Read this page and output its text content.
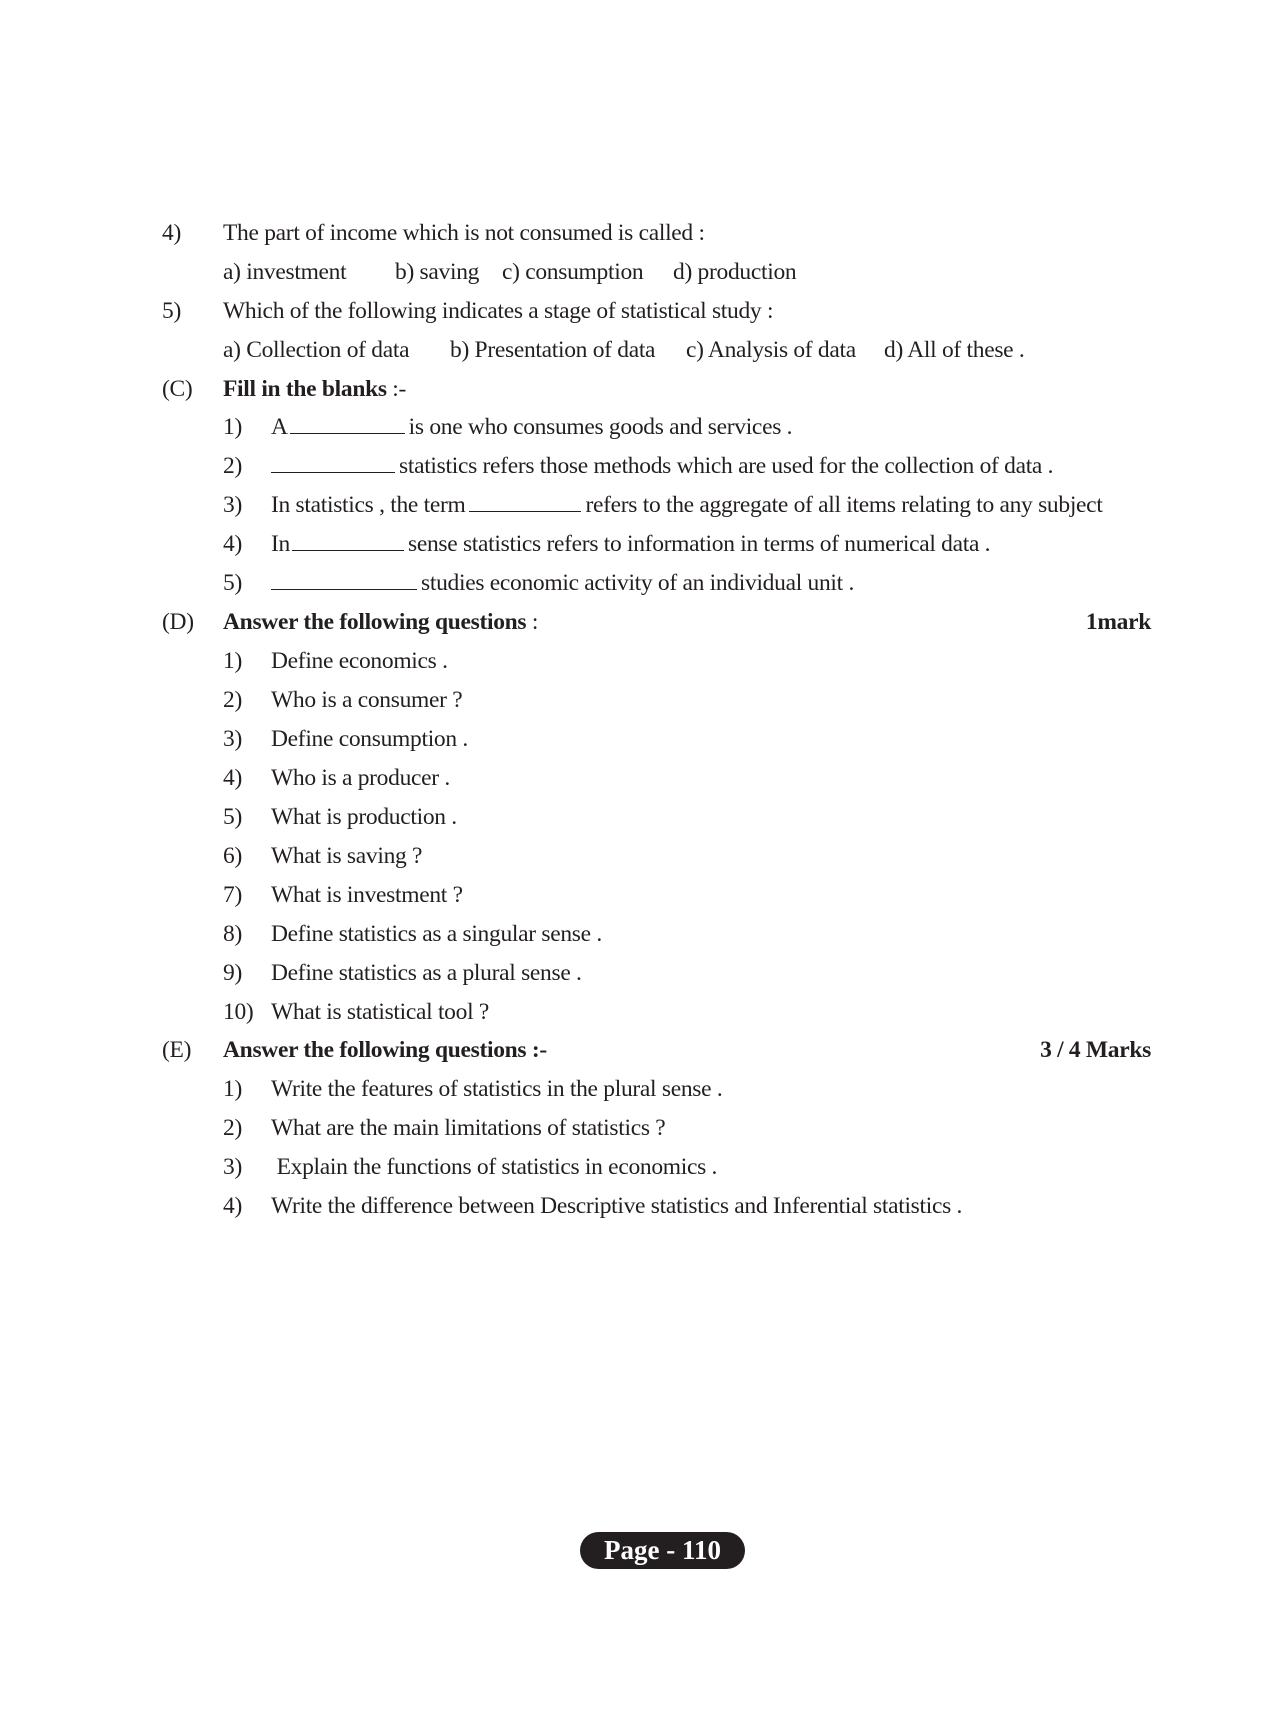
4) The part of income which is not consumed is called :
a) investment b) saving c) consumption d) production
5) Which of the following indicates a stage of statistical study :
a) Collection of data b) Presentation of data c) Analysis of data d) All of these .
(C) Fill in the blanks :-
1) A	is one who consumes goods and services .
2)	statistics refers those methods which are used for the collection of data .
3) In statistics , the term	refers to the aggregate of all items relating to any subject
4) In	sense statistics refers to information in terms of numerical data .
5)	studies economic activity of an individual unit .
(D) Answer the following questions :	1mark
1) Define economics .
2) Who is a consumer ?
3) Define consumption .
4) Who is a producer .
5) What is production .
6) What is saving ?
7) What is investment ?
8) Define statistics as a singular sense .
9) Define statistics as a plural sense .
10) What is statistical tool ?
(E) Answer the following questions :-	3 / 4 Marks
1) Write the features of statistics in the plural sense .
2) What are the main limitations of statistics ?
3) Explain the functions of statistics in economics .
4) Write the difference between Descriptive statistics and Inferential statistics .
Page - 110
